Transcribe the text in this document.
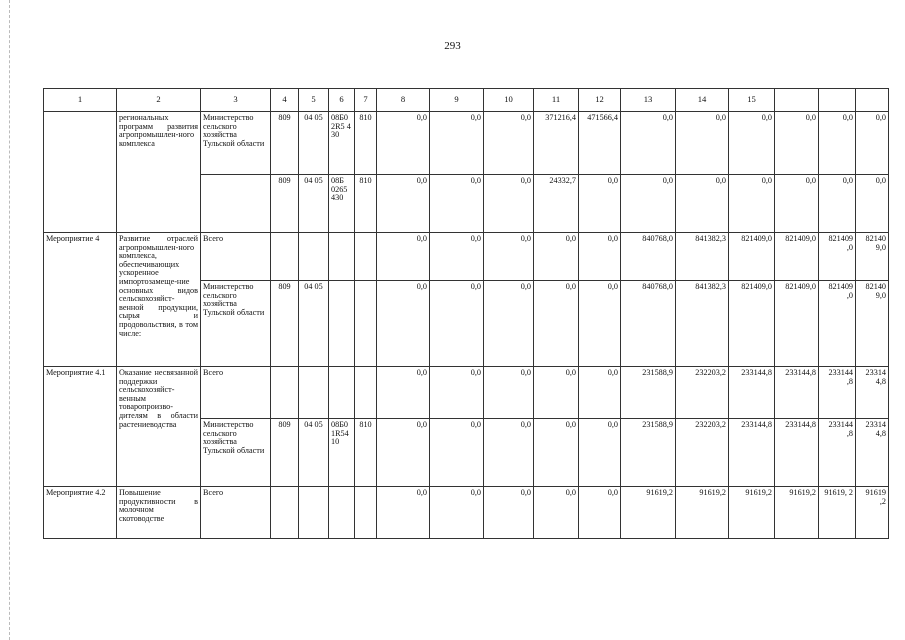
293
1	2	3	4	5	6	7	8	9	10	11	12	13	14	15			
	региональных программ развития агропромышлен-ного комплекса	Министерство сельского хозяйства Тульской области	809	04 05	08Б0 2R5 4 30	810	0,0	0,0	0,0	371216,4	471566,4	0,0	0,0	0,0	0,0	0,0	0,0
			809	04 05	08Б 0265 430	810	0,0	0,0	0,0	24332,7	0,0	0,0	0,0	0,0	0,0	0,0	0,0
Мероприятие 4	Развитие отраслей агропромышлен-ного комплекса, обеспечивающих ускоренное импортозамеще-ние основных видов сельскохозяйст-венной продукции, сырья и продовольствия, в том числе:	Всего					0,0	0,0	0,0	0,0	0,0	840768,0	841382,3	821409,0	821409,0	821409 ,0	82140 9,0
		Министерство сельского хозяйства Тульской области	809	04 05			0,0	0,0	0,0	0,0	0,0	840768,0	841382,3	821409,0	821409,0	821409 ,0	82140 9,0
Мероприятие 4.1	Оказание несвязанной поддержки сельскохозяйст-венным товаропроизво-дителям в области растениеводства	Всего					0,0	0,0	0,0	0,0	0,0	231588,9	232203,2	233144,8	233144,8	233144 ,8	23314 4,8
		Министерство сельского хозяйства Тульской области	809	04 05	08Б0 1R54 10	810	0,0	0,0	0,0	0,0	0,0	231588,9	232203,2	233144,8	233144,8	233144 ,8	23314 4,8
Мероприятие 4.2	Повышение продуктивности в молочном скотоводстве	Всего					0,0	0,0	0,0	0,0	0,0	91619,2	91619,2	91619,2	91619,2	91619, 2	91619 ,2
